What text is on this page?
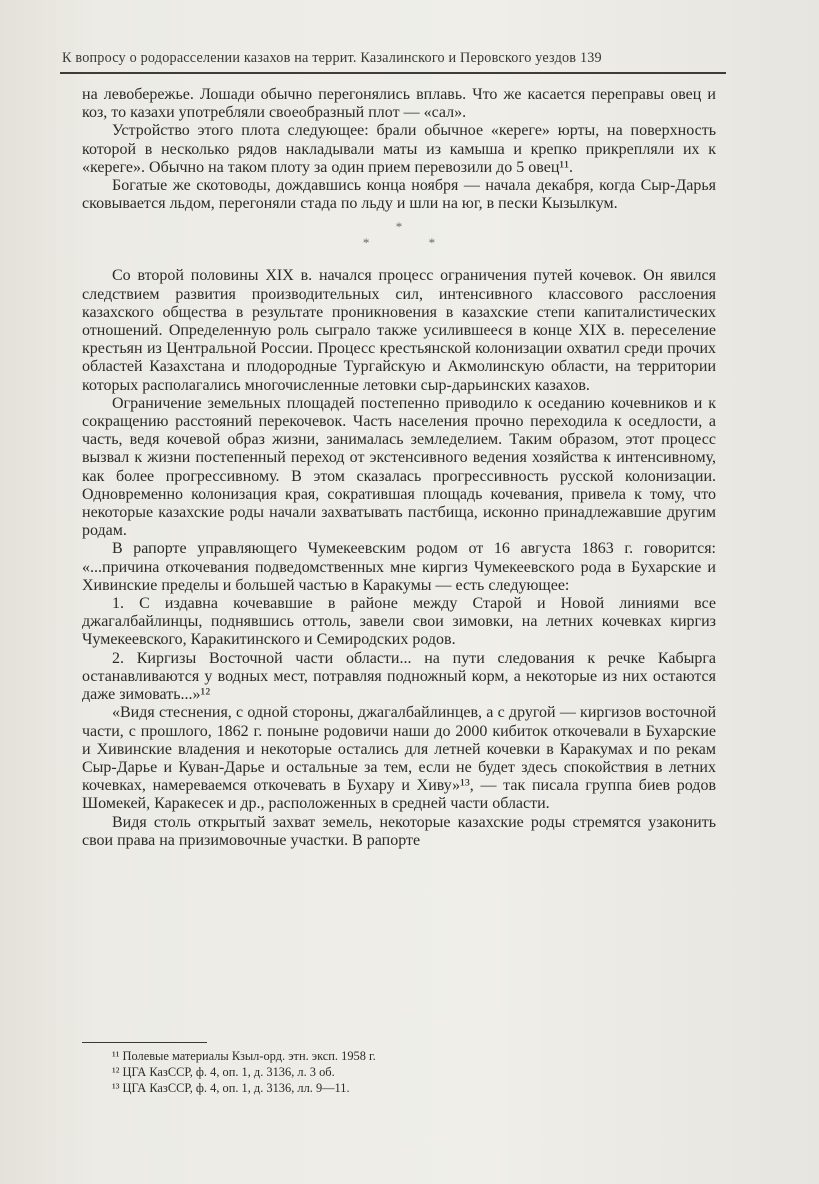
К вопросу о родорасселении казахов на террит. Казалинского и Перовского уездов 139

на левобережье. Лошади обычно перегонялись вплавь. Что же касается переправы овец и коз, то казахи употребляли своеобразный плот — «сал».

Устройство этого плота следующее: брали обычное «кереге» юрты, на поверхность которой в несколько рядов накладывали маты из камыша и крепко прикрепляли их к «кереге». Обычно на таком плоту за один прием перевозили до 5 овец¹¹.

Богатые же скотоводы, дождавшись конца ноября — начала декабря, когда Сыр-Дарья сковывается льдом, перегоняли стада по льду и шли на юг, в пески Кызылкум.

*
* *

Со второй половины XIX в. начался процесс ограничения путей кочевок. Он явился следствием развития производительных сил, интенсивного классового расслоения казахского общества в результате проникновения в казахские степи капиталистических отношений. Определенную роль сыграло также усилившееся в конце XIX в. переселение крестьян из Центральной России. Процесс крестьянской колонизации охватил среди прочих областей Казахстана и плодородные Тургайскую и Акмолинскую области, на территории которых располагались многочисленные летовки сыр-дарьинских казахов.

Ограничение земельных площадей постепенно приводило к оседанию кочевников и к сокращению расстояний перекочевок. Часть населения прочно переходила к оседлости, а часть, ведя кочевой образ жизни, занималась земледелием. Таким образом, этот процесс вызвал к жизни постепенный переход от экстенсивного ведения хозяйства к интенсивному, как более прогрессивному. В этом сказалась прогрессивность русской колонизации. Одновременно колонизация края, сократившая площадь кочевания, привела к тому, что некоторые казахские роды начали захватывать пастбища, исконно принадлежавшие другим родам.

В рапорте управляющего Чумекеевским родом от 16 августа 1863 г. говорится: «...причина откочевания подведомственных мне киргиз Чумекеевского рода в Бухарские и Хивинские пределы и большей частью в Каракумы — есть следующее:

1. С издавна кочевавшие в районе между Старой и Новой линиями все джагалбайлинцы, поднявшись оттоль, завели свои зимовки, на летних кочевках киргиз Чумекеевского, Каракитинского и Семиродских родов.

2. Киргизы Восточной части области... на пути следования к речке Кабырга останавливаются у водных мест, потравляя подножный корм, а некоторые из них остаются даже зимовать...»¹²

«Видя стеснения, с одной стороны, джагалбайлинцев, а с другой — киргизов восточной части, с прошлого, 1862 г. поныне родовичи наши до 2000 кибиток откочевали в Бухарские и Хивинские владения и некоторые остались для летней кочевки в Каракумах и по рекам Сыр-Дарье и Куван-Дарье и остальные за тем, если не будет здесь спокойствия в летних кочевках, намереваемся откочевать в Бухару и Хиву»¹³, — так писала группа биев родов Шомекей, Каракесек и др., расположенных в средней части области.

Видя столь открытый захват земель, некоторые казахские роды стремятся узаконить свои права на призимовочные участки. В рапорте

¹¹ Полевые материалы Кзыл-орд. этн. эксп. 1958 г.
¹² ЦГА КазССР, ф. 4, оп. 1, д. 3136, л. 3 об.
¹³ ЦГА КазССР, ф. 4, оп. 1, д. 3136, лл. 9—11.
